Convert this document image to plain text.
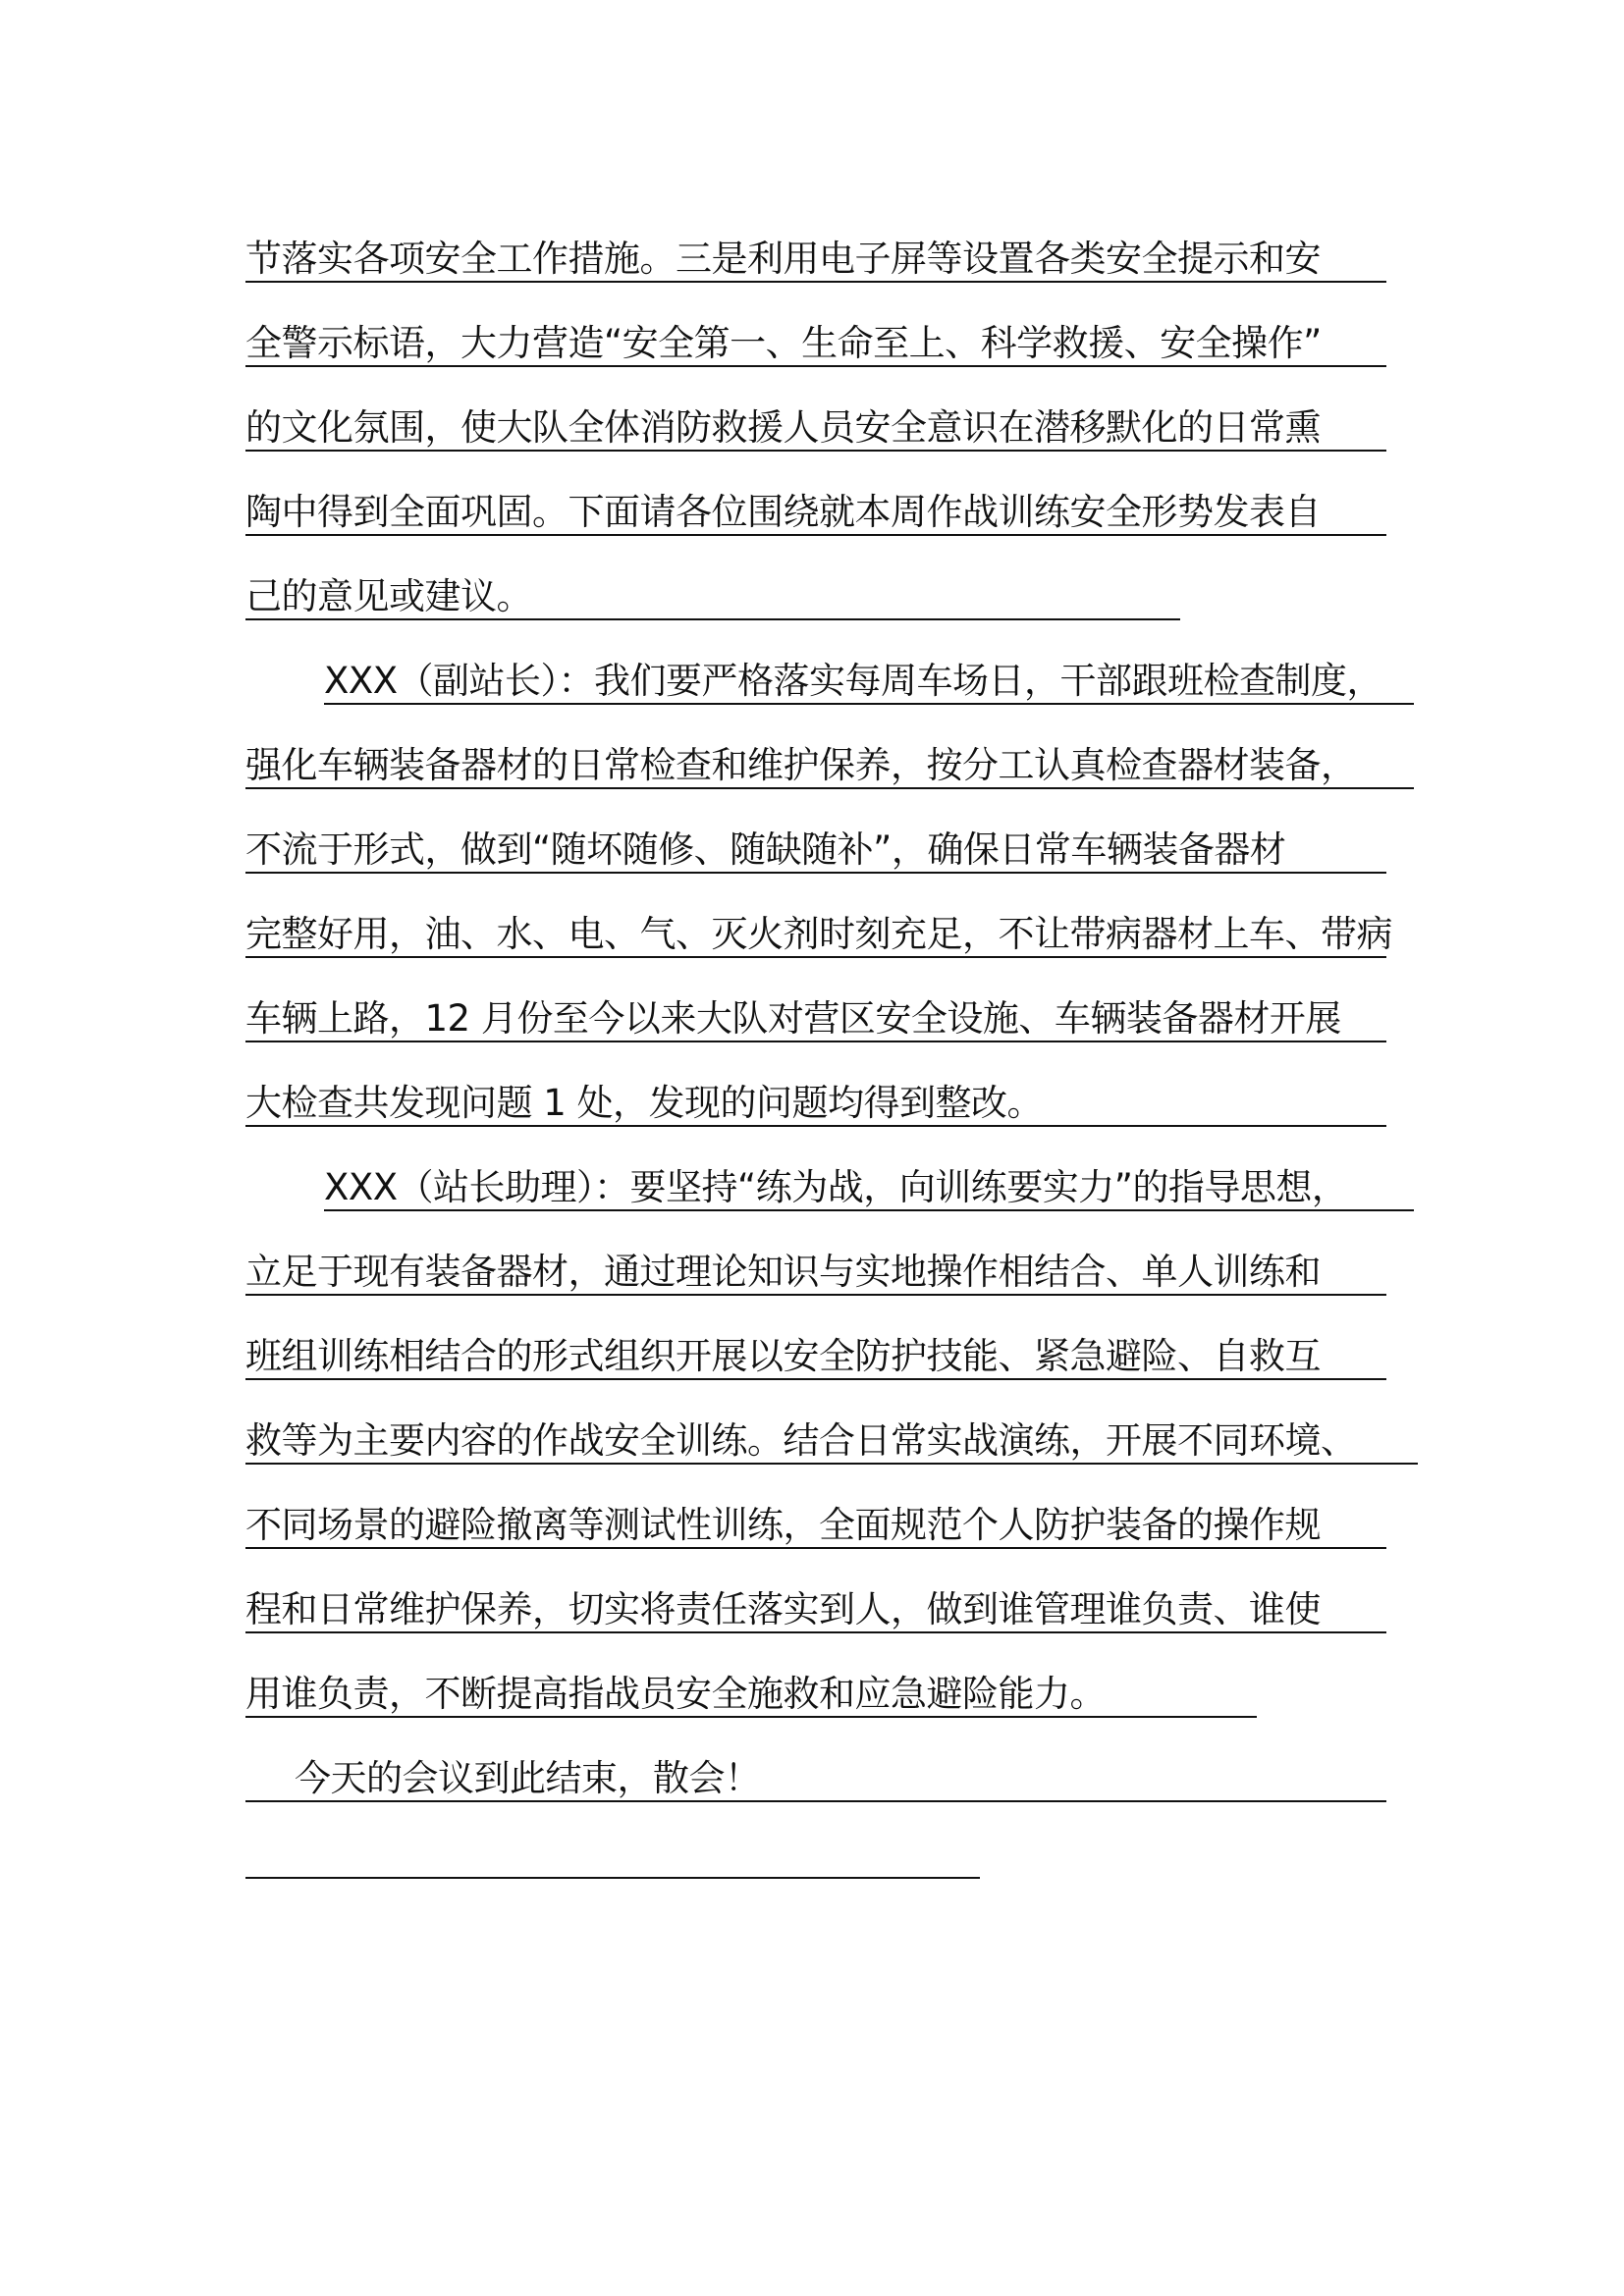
节落实各项安全工作措施。三是利用电子屏等设置各类安全提示和安
全警示标语，大力营造“安全第一、生命至上、科学救援、安全操作”
的文化氛围，使大队全体消防救援人员安全意识在潜移默化的日常熏
陶中得到全面巩固。下面请各位围绕就本周作战训练安全形势发表自
己的意见或建议。
XXX（副站长）：我们要严格落实每周车场日，干部跟班检查制度，
强化车辆装备器材的日常检查和维护保养，按分工认真检查器材装备，
不流于形式，做到“随坏随修、随缺随补”，确保日常车辆装备器材
完整好用，油、水、电、气、灭火剂时刻充足，不让带病器材上车、带病
车辆上路，12 月份至今以来大队对营区安全设施、车辆装备器材开展
大检查共发现问题 1 处，发现的问题均得到整改。
XXX（站长助理）：要坚持“练为战，向训练要实力”的指导思想，
立足于现有装备器材，通过理论知识与实地操作相结合、单人训练和
班组训练相结合的形式组织开展以安全防护技能、紧急避险、自救互
救等为主要内容的作战安全训练。结合日常实战演练，开展不同环境、
不同场景的避险撤离等测试性训练，全面规范个人防护装备的操作规
程和日常维护保养，切实将责任落实到人，做到谁管理谁负责、谁使
用谁负责，不断提高指战员安全施救和应急避险能力。
今天的会议到此结束，散会！
